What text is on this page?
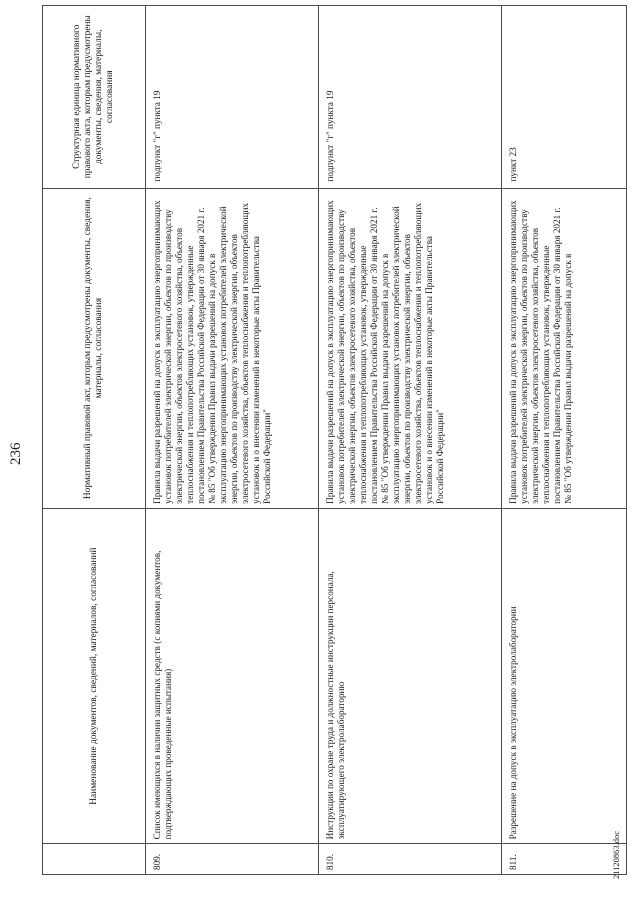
236
	Наименование документов, сведений, материалов, согласований	Нормативный правовой акт, которым предусмотрены документы, сведения, материалы, согласования	Структурная единица нормативного правового акта, которым предусмотрены документы, сведения, материалы, согласования
809.	Список имеющихся в наличии защитных средств (с копиями документов, подтверждающих проведенные испытания)	Правила выдачи разрешений на допуск в эксплуатацию энергопринимающих установок потребителей электрической энергии, объектов по производству электрической энергии, объектов электросетевого хозяйства, объектов теплоснабжения и теплопотребляющих установок, утвержденные постановлением Правительства Российской Федерации от 30 января 2021 г. № 85 "Об утверждении Правил выдачи разрешений на допуск в эксплуатацию энергопринимающих установок потребителей электрической энергии, объектов по производству электрической энергии, объектов электросетевого хозяйства, объектов теплоснабжения и теплопотребляющих установок и о внесении изменений в некоторые акты Правительства Российской Федерации"	подпункт "г" пункта 19
810.	Инструкции по охране труда и должностные инструкции персонала, эксплуатирующего электролабораторию	Правила выдачи разрешений на допуск в эксплуатацию энергопринимающих установок потребителей электрической энергии, объектов по производству электрической энергии, объектов электросетевого хозяйства, объектов теплоснабжения и теплопотребляющих установок, утвержденные постановлением Правительства Российской Федерации от 30 января 2021 г. № 85 "Об утверждении Правил выдачи разрешений на допуск в эксплуатацию энергопринимающих установок потребителей электрической энергии, объектов по производству электрической энергии, объектов электросетевого хозяйства, объектов теплоснабжения и теплопотребляющих установок и о внесении изменений в некоторые акты Правительства Российской Федерации"	подпункт "г" пункта 19
811.	Разрешение на допуск в эксплуатацию электролаборатории	Правила выдачи разрешений на допуск в эксплуатацию энергопринимающих установок потребителей электрической энергии, объектов по производству электрической энергии, объектов электросетевого хозяйства, объектов теплоснабжения и теплопотребляющих установок, утвержденные постановлением Правительства Российской Федерации от 30 января 2021 г. № 85 "Об утверждении Правил выдачи разрешений на допуск в	пункт 23
21120863.doc
